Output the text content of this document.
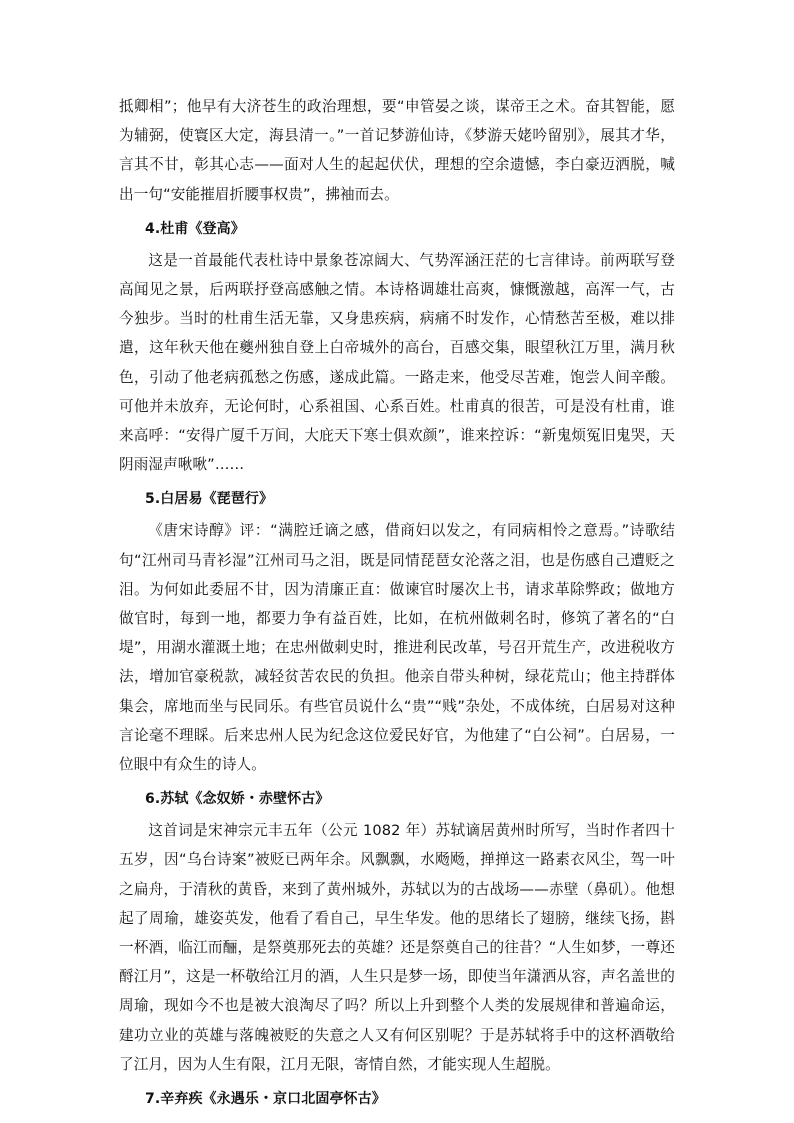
抵卿相”；他早有大济苍生的政治理想，要“申管晏之谈，谋帝王之术。奋其智能，愿为辅弼，使寰区大定，海县清一。”一首记梦游仙诗，《梦游天姥吟留别》，展其才华，言其不甘，彰其心志——面对人生的起起伏伏，理想的空余遗憾，李白豪迈洒脱，喊出一句“安能摧眉折腰事权贵”，拂袖而去。

4.杜甫《登高》

这是一首最能代表杜诗中景象苍凉阔大、气势浑涵汪茫的七言律诗。前两联写登高闻见之景，后两联抒登高感触之情。本诗格调雄壮高爽，慷慨激越，高浑一气，古今独步。当时的杜甫生活无靠，又身患疾病，病痛不时发作，心情愁苦至极，难以排遣，这年秋天他在夔州独自登上白帝城外的高台，百感交集，眼望秋江万里，满月秋色，引动了他老病孤愁之伤感，遂成此篇。一路走来，他受尽苦难，饱尝人间辛酸。可他并未放弃，无论何时，心系祖国、心系百姓。杜甫真的很苦，可是没有杜甫，谁来高呼：“安得广厦千万间，大庇天下寒士俱欢颜”，谁来控诉：“新鬼烦冤旧鬼哭，天阴雨湿声啾啾”……

5.白居易《琵琶行》

《唐宋诗醇》评：“满腔迁谪之感，借商妇以发之，有同病相怜之意焉。”诗歌结句“江州司马青衫湿”江州司马之泪，既是同情琵琶女沦落之泪，也是伤感自己遭贬之泪。为何如此委屈不甘，因为清廉正直：做谏官时屡次上书，请求革除弊政；做地方做官时，每到一地，都要力争有益百姓，比如，在杭州做刺名时，修筑了著名的“白堤”，用湖水灌溉土地；在忠州做刺史时，推进利民改革，号召开荒生产，改进税收方法，增加官豪税款，减轻贫苦农民的负担。他亲自带头种树，绿花荒山；他主持群体集会，席地而坐与民同乐。有些官员说什么“贵”“贱”杂处，不成体统，白居易对这种言论毫不理睬。后来忠州人民为纪念这位爱民好官，为他建了“白公祠”。白居易，一位眼中有众生的诗人。

6.苏轼《念奴娇・赤壁怀古》

这首词是宋神宗元丰五年（公元 1082 年）苏轼谪居黄州时所写，当时作者四十五岁，因“乌台诗案”被贬已两年余。风飘飘，水飏飏，掸掸这一路素衣风尘，驾一叶之扁舟，于清秋的黄昏，来到了黄州城外，苏轼以为的古战场——赤壁（鼻矶）。他想起了周瑜，雄姿英发，他看了看自己，早生华发。他的思绪长了翅膀，继续飞扬，斟一杯酒，临江而酾，是祭奠那死去的英雄？还是祭奠自己的往昔？“人生如梦，一尊还酹江月”，这是一杯敬给江月的酒，人生只是梦一场，即使当年潇洒从容，声名盖世的周瑜，现如今不也是被大浪淘尽了吗？所以上升到整个人类的发展规律和普遍命运，建功立业的英雄与落魄被贬的失意之人又有何区别呢？于是苏轼将手中的这杯酒敬给了江月，因为人生有限，江月无限，寄情自然，才能实现人生超脱。

7.辛弃疾《永遇乐・京口北固亭怀古》
